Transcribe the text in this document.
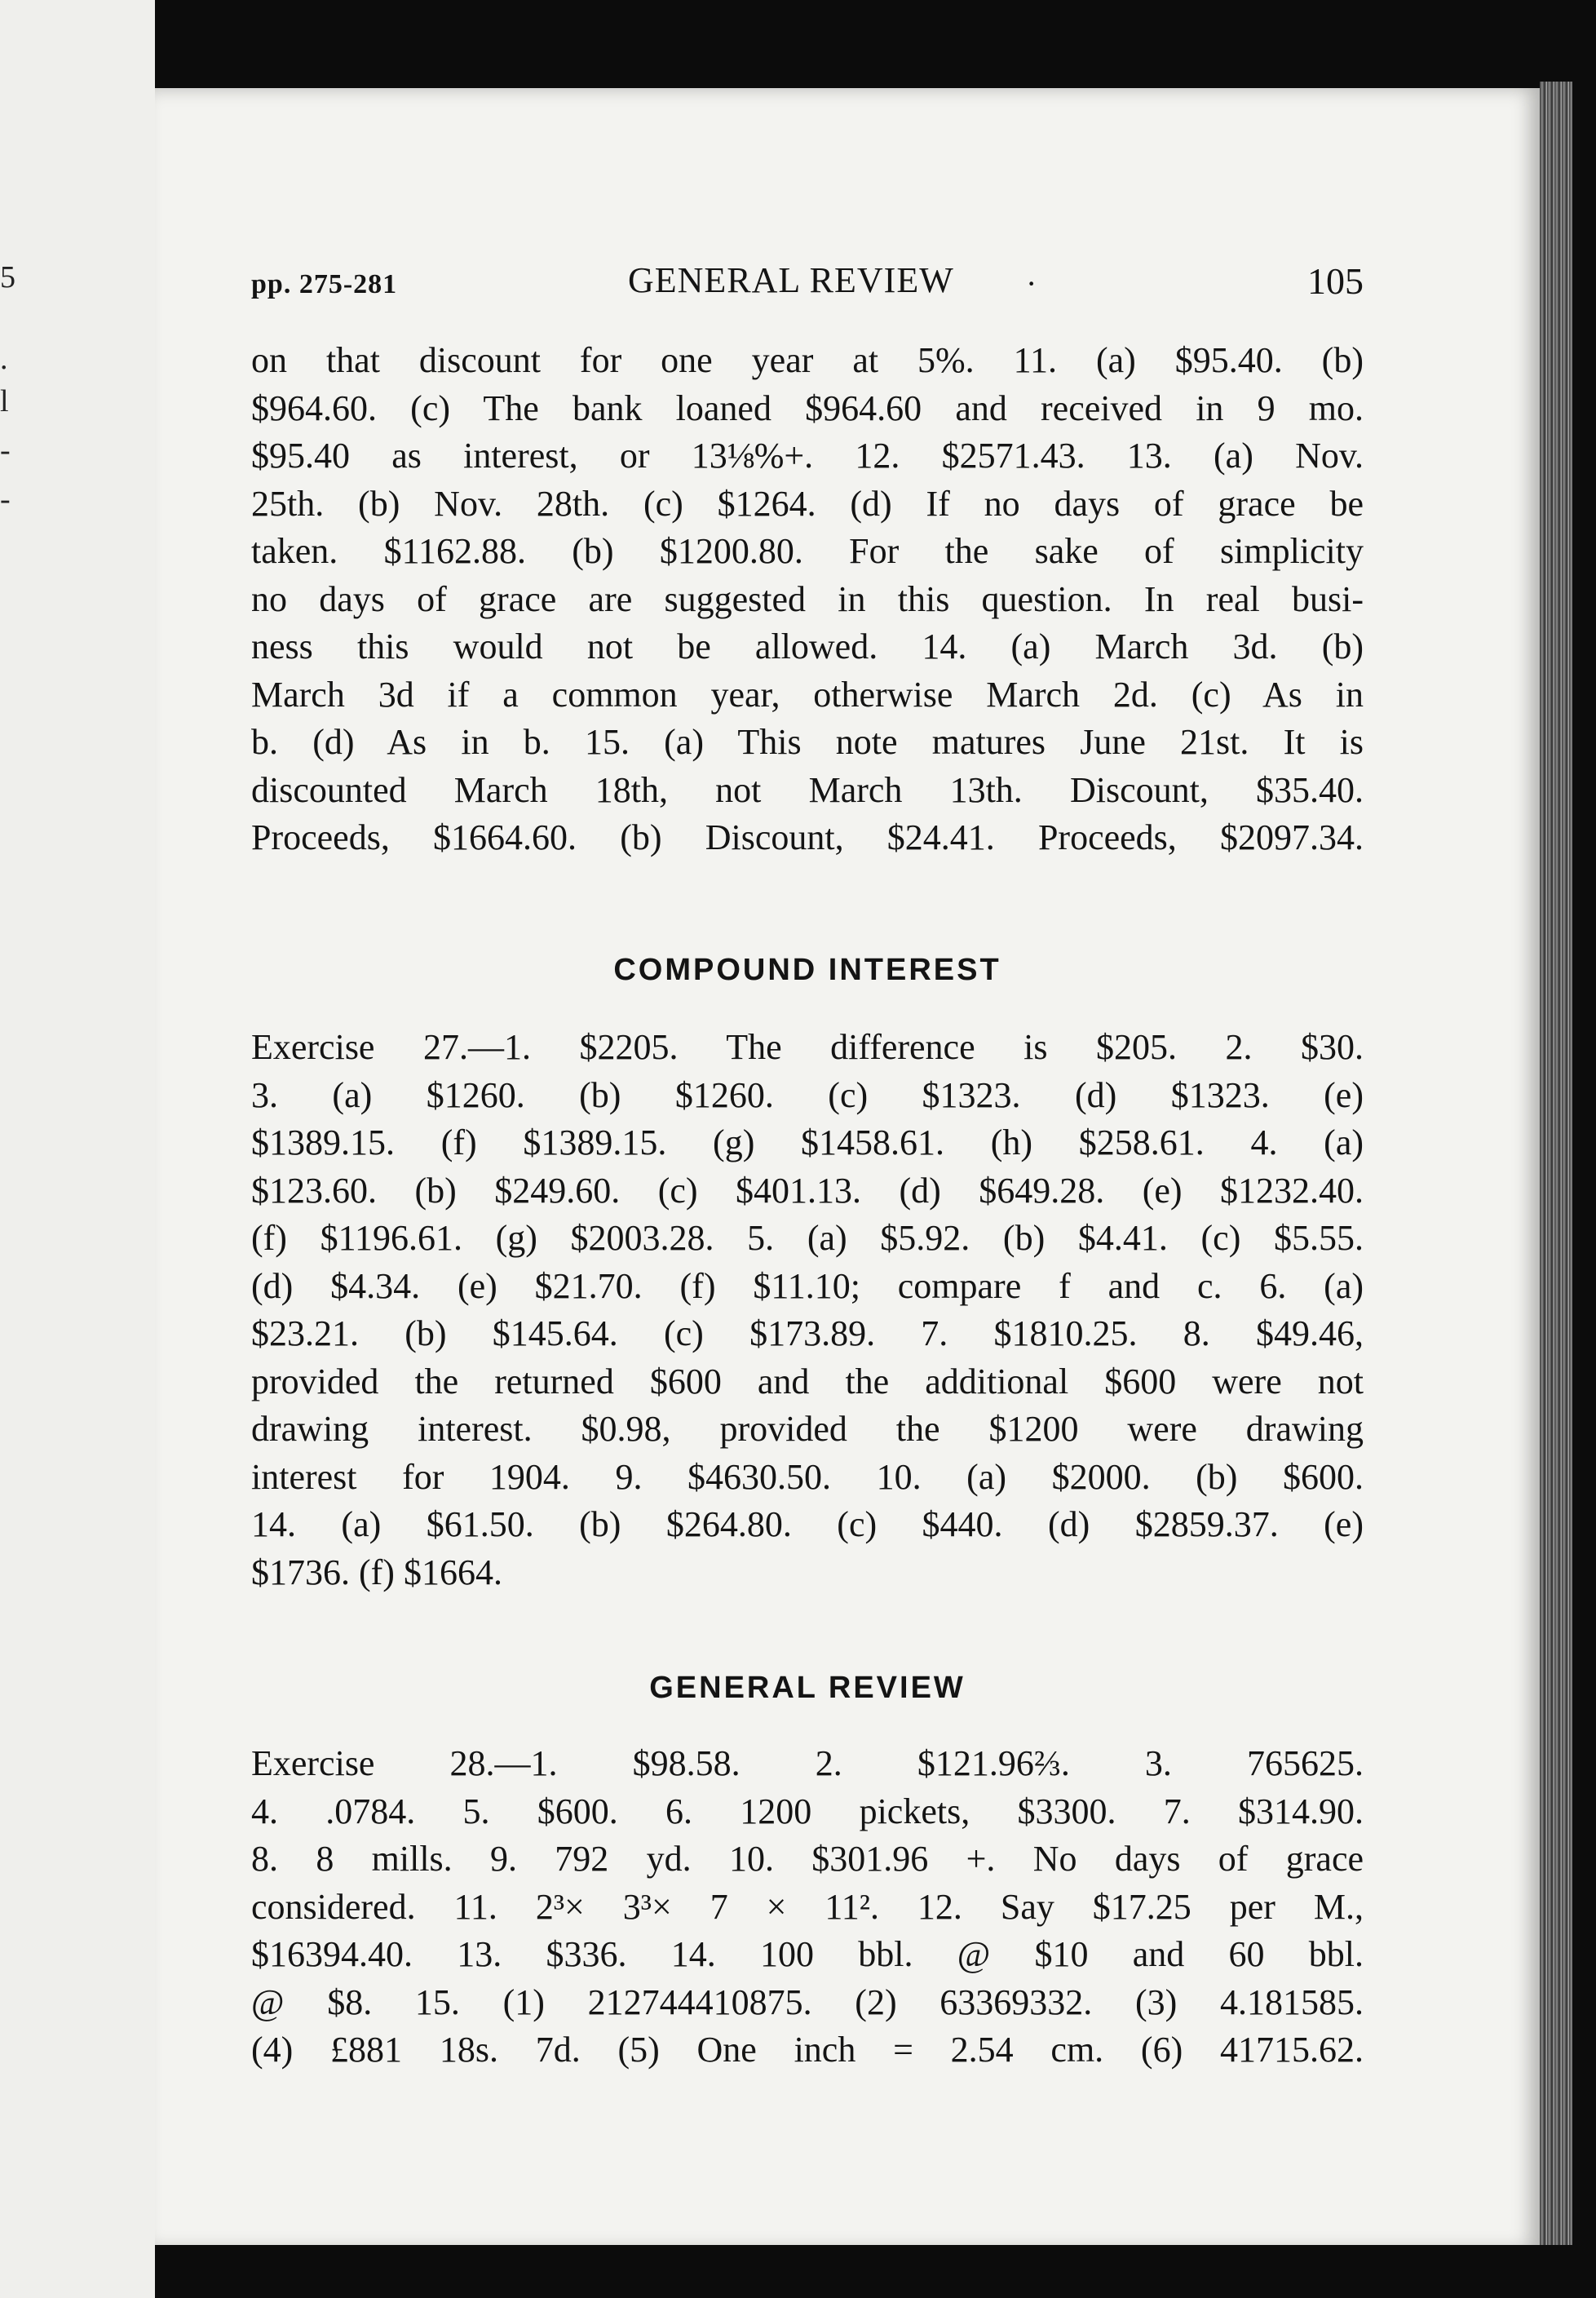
5
.
l
-
-
pp. 275-281	GENERAL REVIEW ·	105
on that discount for one year at 5%. 11. (a) $95.40. (b)
$964.60. (c) The bank loaned $964.60 and received in 9 mo.
$95.40 as interest, or 13⅛%+. 12. $2571.43. 13. (a) Nov.
25th. (b) Nov. 28th. (c) $1264. (d) If no days of grace be
taken. $1162.88. (b) $1200.80. For the sake of simplicity
no days of grace are suggested in this question. In real busi-
ness this would not be allowed. 14. (a) March 3d. (b)
March 3d if a common year, otherwise March 2d. (c) As in
b. (d) As in b. 15. (a) This note matures June 21st. It is
discounted March 18th, not March 13th. Discount, $35.40.
Proceeds, $1664.60. (b) Discount, $24.41. Proceeds, $2097.34.
COMPOUND INTEREST
Exercise 27.—1. $2205. The difference is $205. 2. $30.
3. (a) $1260. (b) $1260. (c) $1323. (d) $1323. (e)
$1389.15. (f) $1389.15. (g) $1458.61. (h) $258.61. 4. (a)
$123.60. (b) $249.60. (c) $401.13. (d) $649.28. (e) $1232.40.
(f) $1196.61. (g) $2003.28. 5. (a) $5.92. (b) $4.41. (c) $5.55.
(d) $4.34. (e) $21.70. (f) $11.10; compare f and c. 6. (a)
$23.21. (b) $145.64. (c) $173.89. 7. $1810.25. 8. $49.46,
provided the returned $600 and the additional $600 were not
drawing interest. $0.98, provided the $1200 were drawing
interest for 1904. 9. $4630.50. 10. (a) $2000. (b) $600.
14. (a) $61.50. (b) $264.80. (c) $440. (d) $2859.37. (e)
$1736. (f) $1664.
GENERAL REVIEW
Exercise 28.—1. $98.58. 2. $121.96⅔. 3. 765625.
4. .0784. 5. $600. 6. 1200 pickets, $3300. 7. $314.90.
8. 8 mills. 9. 792 yd. 10. $301.96 +. No days of grace
considered. 11. 2³× 3³× 7 × 11². 12. Say $17.25 per M.,
$16394.40. 13. $336. 14. 100 bbl. @ $10 and 60 bbl.
@ $8. 15. (1) 212744410875. (2) 63369332. (3) 4.181585.
(4) £881 18s. 7d. (5) One inch = 2.54 cm. (6) 41715.62.
